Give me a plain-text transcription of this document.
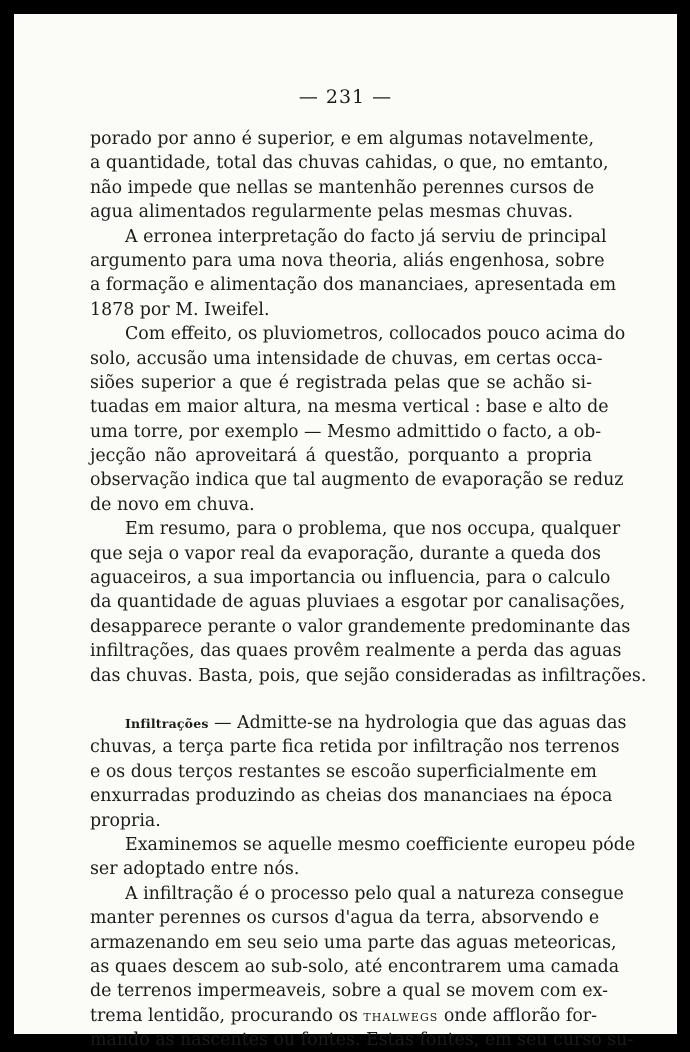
— 231 —
porado por anno é superior, e em algumas notavelmente,
a quantidade, total das chuvas cahidas, o que, no emtanto,
não impede que nellas se mantenhão perennes cursos de
agua alimentados regularmente pelas mesmas chuvas.
A erronea interpretação do facto já serviu de principal
argumento para uma nova theoria, aliás engenhosa, sobre
a formação e alimentação dos mananciaes, apresentada em
1878 por M. Iweifel.
Com effeito, os pluviometros, collocados pouco acima do
solo, accusão uma intensidade de chuvas, em certas occa-
siões superior a que é registrada pelas que se achão si-
tuadas em maior altura, na mesma vertical : base e alto de
uma torre, por exemplo — Mesmo admittido o facto, a ob-
jecção não aproveitará á questão, porquanto a propria
observação indica que tal augmento de evaporação se reduz
de novo em chuva.
Em resumo, para o problema, que nos occupa, qualquer
que seja o vapor real da evaporação, durante a queda dos
aguaceiros, a sua importancia ou influencia, para o calculo
da quantidade de aguas pluviaes a esgotar por canalisações,
desapparece perante o valor grandemente predominante das
infiltrações, das quaes provêm realmente a perda das aguas
das chuvas. Basta, pois, que sejão consideradas as infiltrações.
Infiltrações — Admitte-se na hydrologia que das aguas das
chuvas, a terça parte fica retida por infiltração nos terrenos
e os dous terços restantes se escoão superficialmente em
enxurradas produzindo as cheias dos mananciaes na época
propria.
Examinemos se aquelle mesmo coefficiente europeu póde
ser adoptado entre nós.
A infiltração é o processo pelo qual a natureza consegue
manter perennes os cursos d'agua da terra, absorvendo e
armazenando em seu seio uma parte das aguas meteoricas,
as quaes descem ao sub-solo, até encontrarem uma camada
de terrenos impermeaveis, sobre a qual se movem com ex-
trema lentidão, procurando os thalwegs onde afflorão for-
mando as nascentes ou fontes. Estas fontes, em seu curso su-
